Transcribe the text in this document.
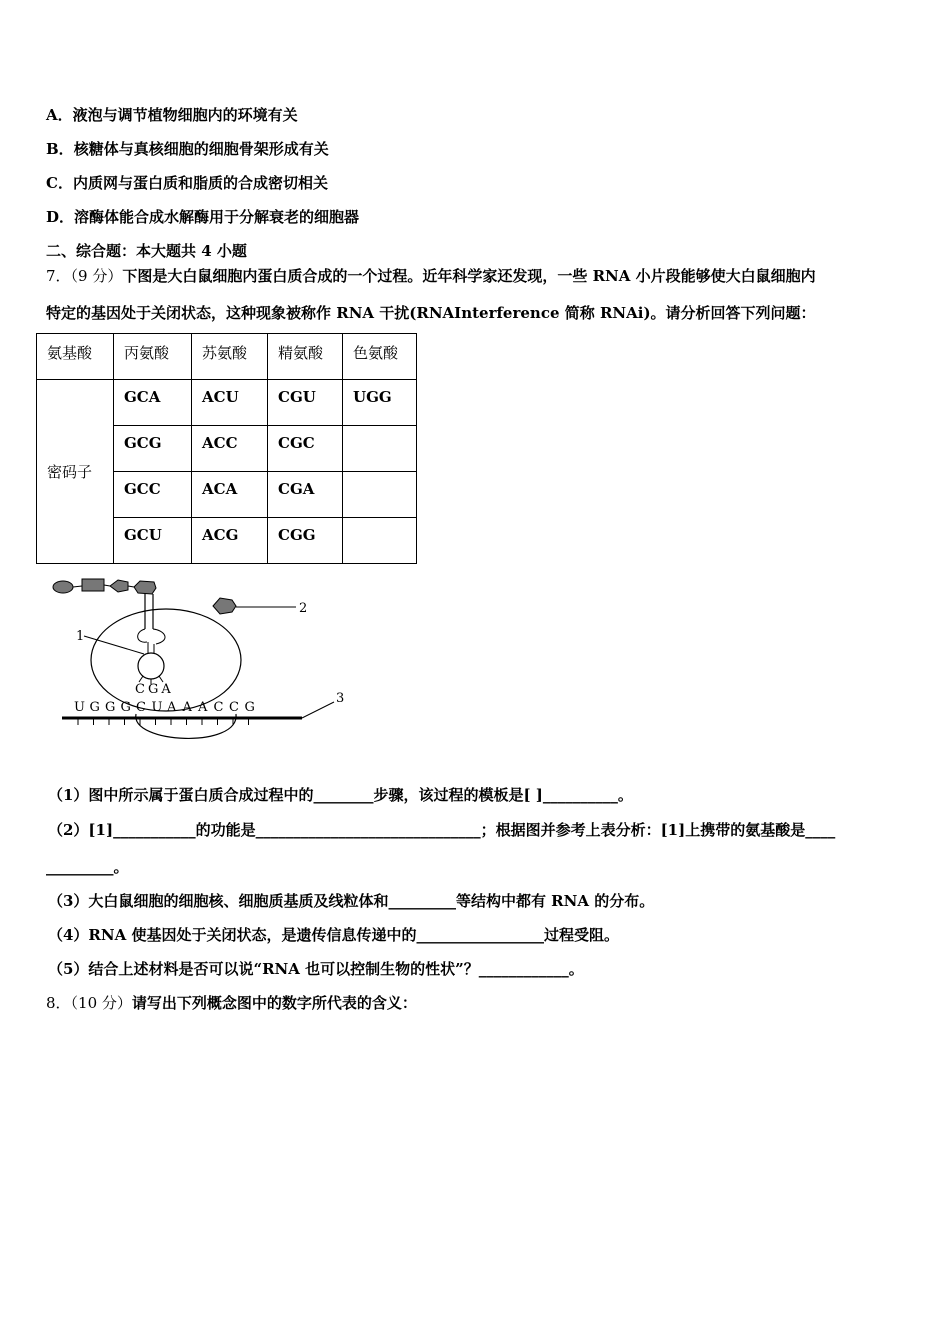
A．液泡与调节植物细胞内的环境有关
B．核糖体与真核细胞的细胞骨架形成有关
C．内质网与蛋白质和脂质的合成密切相关
D．溶酶体能合成水解酶用于分解衰老的细胞器
二、综合题：本大题共 4 小题
7．（9 分）下图是大白鼠细胞内蛋白质合成的一个过程。近年科学家还发现，一些 RNA 小片段能够使大白鼠细胞内
特定的基因处于关闭状态，这种现象被称作 RNA 干扰(RNAInterference 简称 RNAi)。请分析回答下列问题：
氨基酸	丙氨酸	苏氨酸	精氨酸	色氨酸
密码子	GCA	ACU	CGU	UGG
	GCG	ACC	CGC	
	GCC	ACA	CGA	
	GCU	ACG	CGG	
CGA
1
2
3
U G G G C U A A A C C G
（1）图中所示属于蛋白质合成过程中的________步骤，该过程的模板是[ ]__________。
（2）[1]___________的功能是______________________________；根据图并参考上表分析：[1]上携带的氨基酸是____
_________。
（3）大白鼠细胞的细胞核、细胞质基质及线粒体和_________等结构中都有 RNA 的分布。
（4）RNA 使基因处于关闭状态，是遗传信息传递中的_________________过程受阻。
（5）结合上述材料是否可以说“RNA 也可以控制生物的性状”？____________。
8．（10 分）请写出下列概念图中的数字所代表的含义：
